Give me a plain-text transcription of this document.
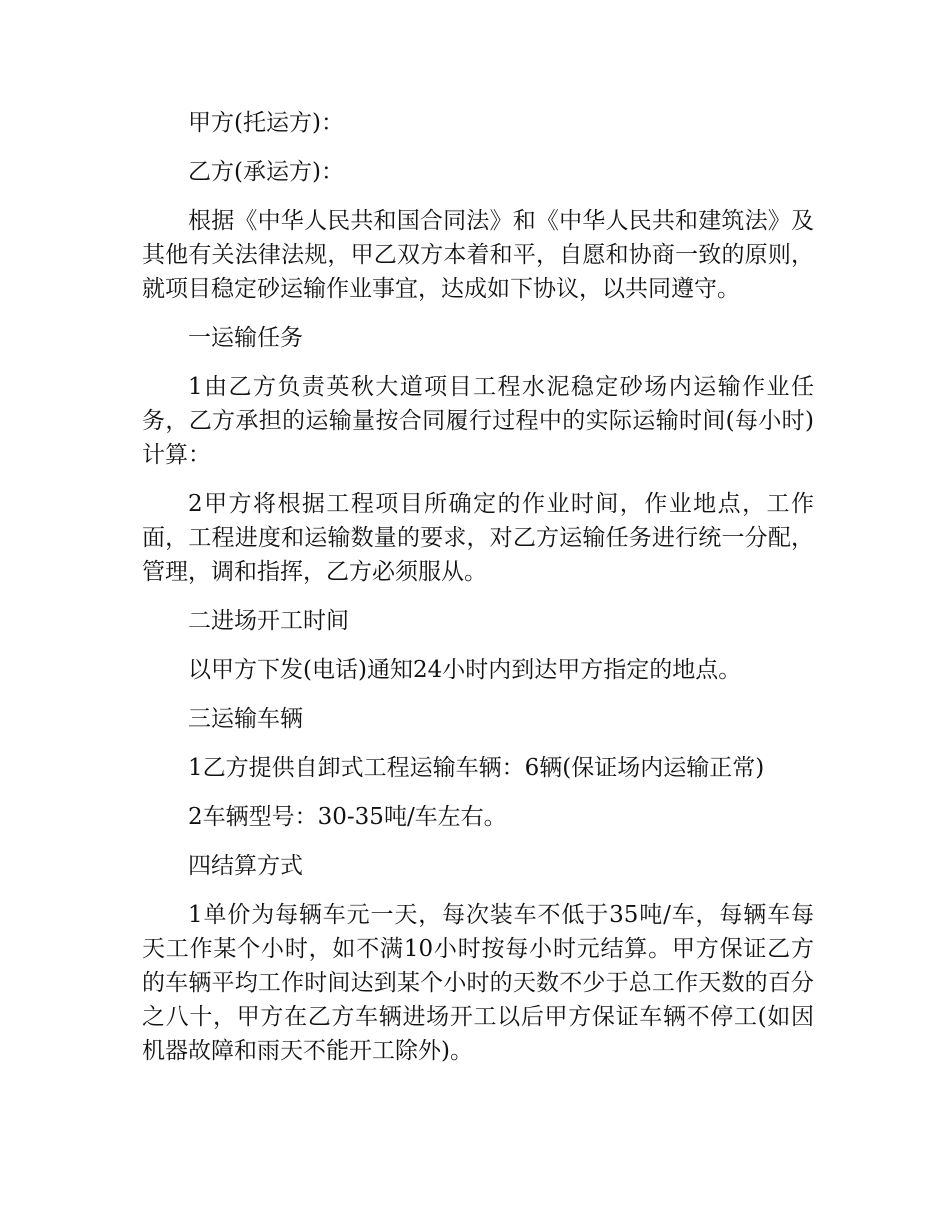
甲方(托运方)：

乙方(承运方)：

根据《中华人民共和国合同法》和《中华人民共和建筑法》及其他有关法律法规，甲乙双方本着和平，自愿和协商一致的原则，就项目稳定砂运输作业事宜，达成如下协议，以共同遵守。

一运输任务

1由乙方负责英秋大道项目工程水泥稳定砂场内运输作业任务，乙方承担的运输量按合同履行过程中的实际运输时间(每小时)计算：

2甲方将根据工程项目所确定的作业时间，作业地点，工作面，工程进度和运输数量的要求，对乙方运输任务进行统一分配，管理，调和指挥，乙方必须服从。

二进场开工时间

以甲方下发(电话)通知24小时内到达甲方指定的地点。

三运输车辆

1乙方提供自卸式工程运输车辆：6辆(保证场内运输正常)

2车辆型号：30-35吨/车左右。

四结算方式

1单价为每辆车元一天，每次装车不低于35吨/车，每辆车每天工作某个小时，如不满10小时按每小时元结算。甲方保证乙方的车辆平均工作时间达到某个小时的天数不少于总工作天数的百分之八十，甲方在乙方车辆进场开工以后甲方保证车辆不停工(如因机器故障和雨天不能开工除外)。
